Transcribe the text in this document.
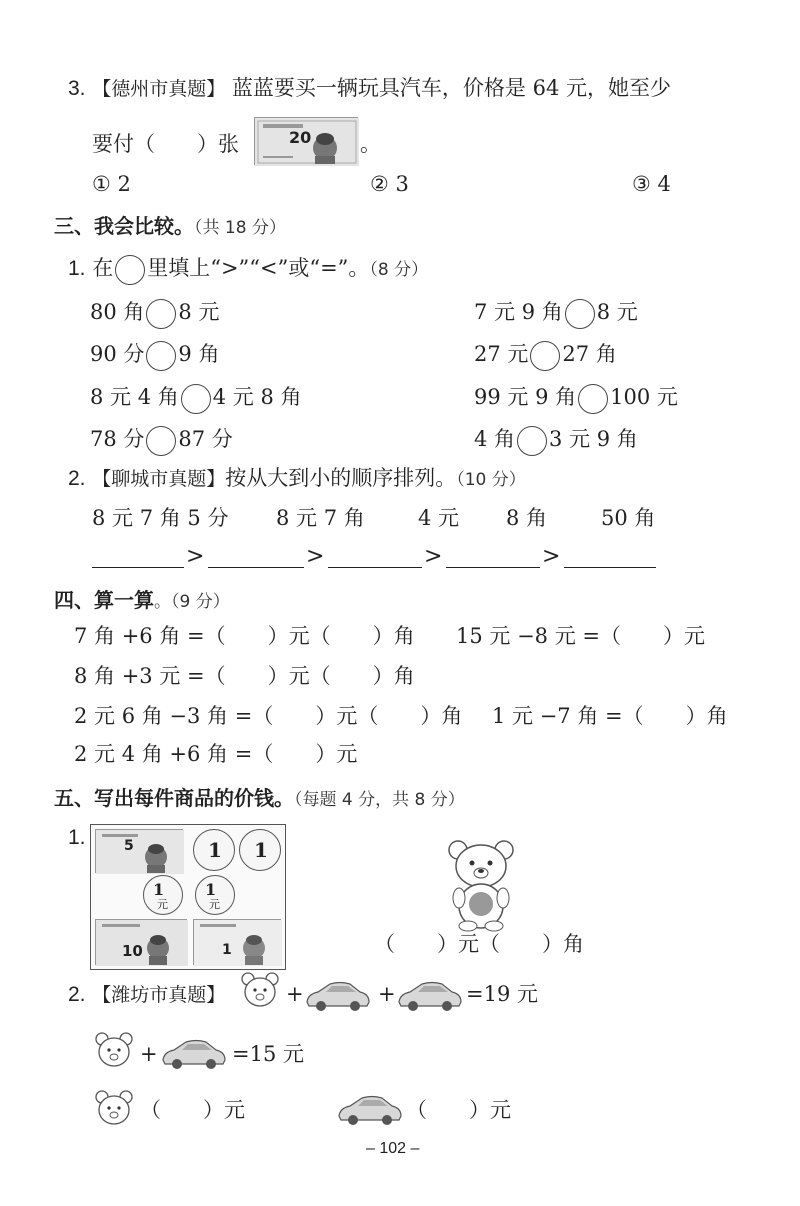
3. 【德州市真题】 蓝蓝要买一辆玩具汽车，价格是 64 元，她至少
要付（　　）张	20 。
① 2	② 3	③ 4
三、我会比较。（共 18 分）
1. 在 里填上“>”“<”或“=”。（8 分）
80 角 8 元	7 元 9 角 8 元
90 分 9 角	27 元 27 角
8 元 4 角 4 元 8 角	99 元 9 角 100 元
78 分 87 分	4 角 3 元 9 角
2. 【聊城市真题】按从大到小的顺序排列。（10 分）
8 元 7 角 5 分 8 元 7 角	4 元 8 角	50 角
>	>	>	>
四、算一算。（9 分）
7 角 +6 角 =（　　）元（　　）角 15 元 −8 元 =（　　）元
8 角 +3 元 =（　　）元（　　）角
2 元 6 角 −3 角 =（　　）元（　　）角 1 元 −7 角 =（　　）角
2 元 4 角 +6 角 =（　　）元
五、写出每件商品的价钱。（每题 4 分，共 8 分）
1.	5	1 1
1
元
1
元
10	1	（　　）元（　　）角
2. 【潍坊市真题】	+	+	=19 元
+	=15 元
（　　）元	（　　）元
– 102 –
